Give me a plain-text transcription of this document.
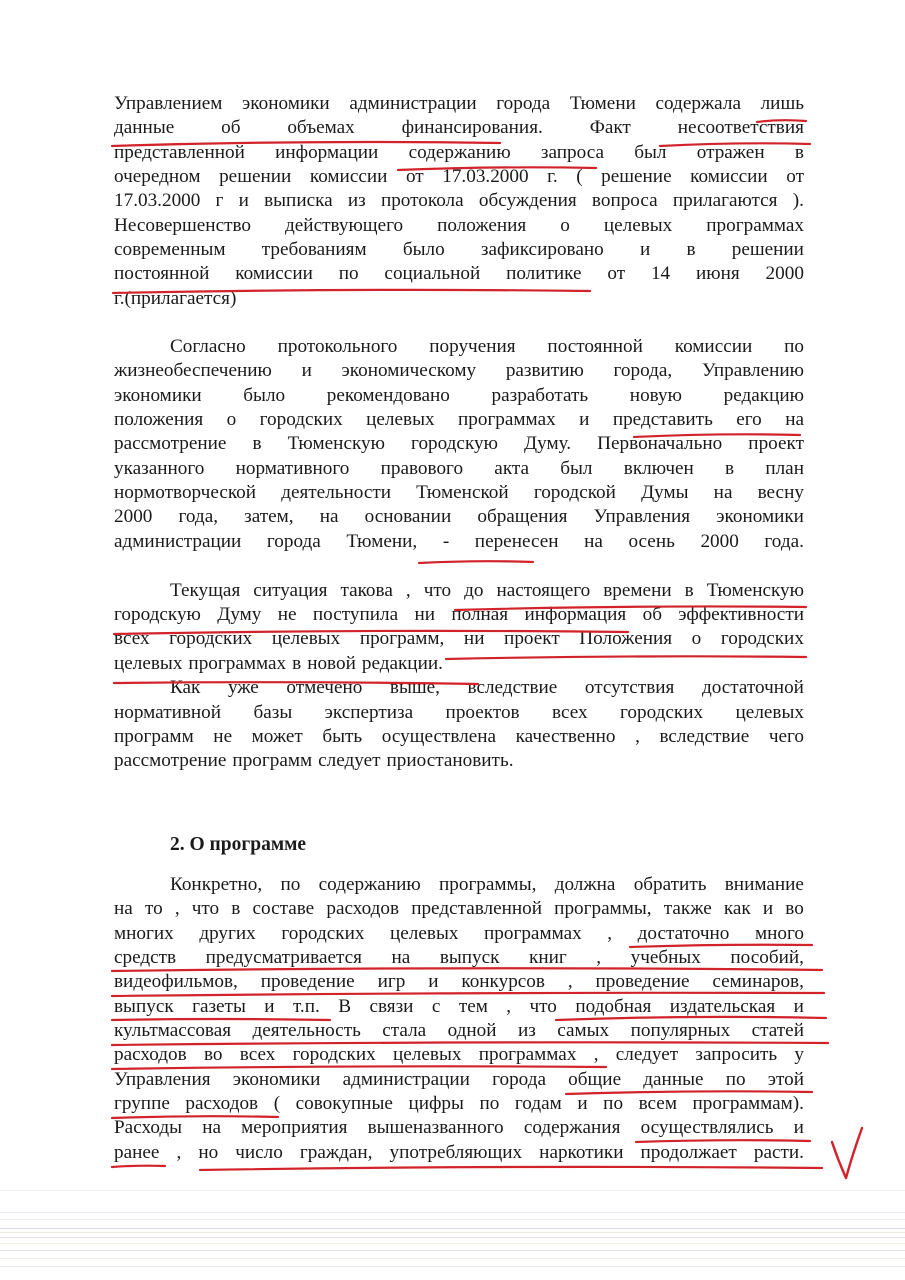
Управлением экономики администрации города Тюмени содержала лишь
данные об объемах финансирования. Факт несоответствия
представленной информации содержанию запроса был отражен в
очередном решении комиссии от 17.03.2000 г. ( решение комиссии от
17.03.2000 г и выписка из протокола обсуждения вопроса прилагаются ).
Несовершенство действующего положения о целевых программах
современным требованиям было зафиксировано и в решении
постоянной комиссии по социальной политике от 14 июня 2000
г.(прилагается)
Согласно протокольного поручения постоянной комиссии по
жизнеобеспечению и экономическому развитию города, Управлению
экономики было рекомендовано разработать новую редакцию
положения о городских целевых программах и представить его на
рассмотрение в Тюменскую городскую Думу. Первоначально проект
указанного нормативного правового акта был включен в план
нормотворческой деятельности Тюменской городской Думы на весну
2000 года, затем, на основании обращения Управления экономики
администрации города Тюмени, - перенесен на осень 2000 года.
Текущая ситуация такова , что до настоящего времени в Тюменскую
городскую Думу не поступила ни полная информация об эффективности
всех городских целевых программ, ни проект Положения о городских
целевых программах в новой редакции.
Как уже отмечено выше, вследствие отсутствия достаточной
нормативной базы экспертиза проектов всех городских целевых
программ не может быть осуществлена качественно , вследствие чего
рассмотрение программ следует приостановить.
Конкретно, по содержанию программы, должна обратить внимание
на то , что в составе расходов представленной программы, также как и во
многих других городских целевых программах , достаточно много
средств предусматривается на выпуск книг , учебных пособий,
видеофильмов, проведение игр и конкурсов , проведение семинаров,
выпуск газеты и т.п. В связи с тем , что подобная издательская и
культмассовая деятельность стала одной из самых популярных статей
расходов во всех городских целевых программах , следует запросить у
Управления экономики администрации города общие данные по этой
группе расходов ( совокупные цифры по годам и по всем программам).
Расходы на мероприятия вышеназванного содержания осуществлялись и
ранее , но число граждан, употребляющих наркотики продолжает расти.
2. О программе
